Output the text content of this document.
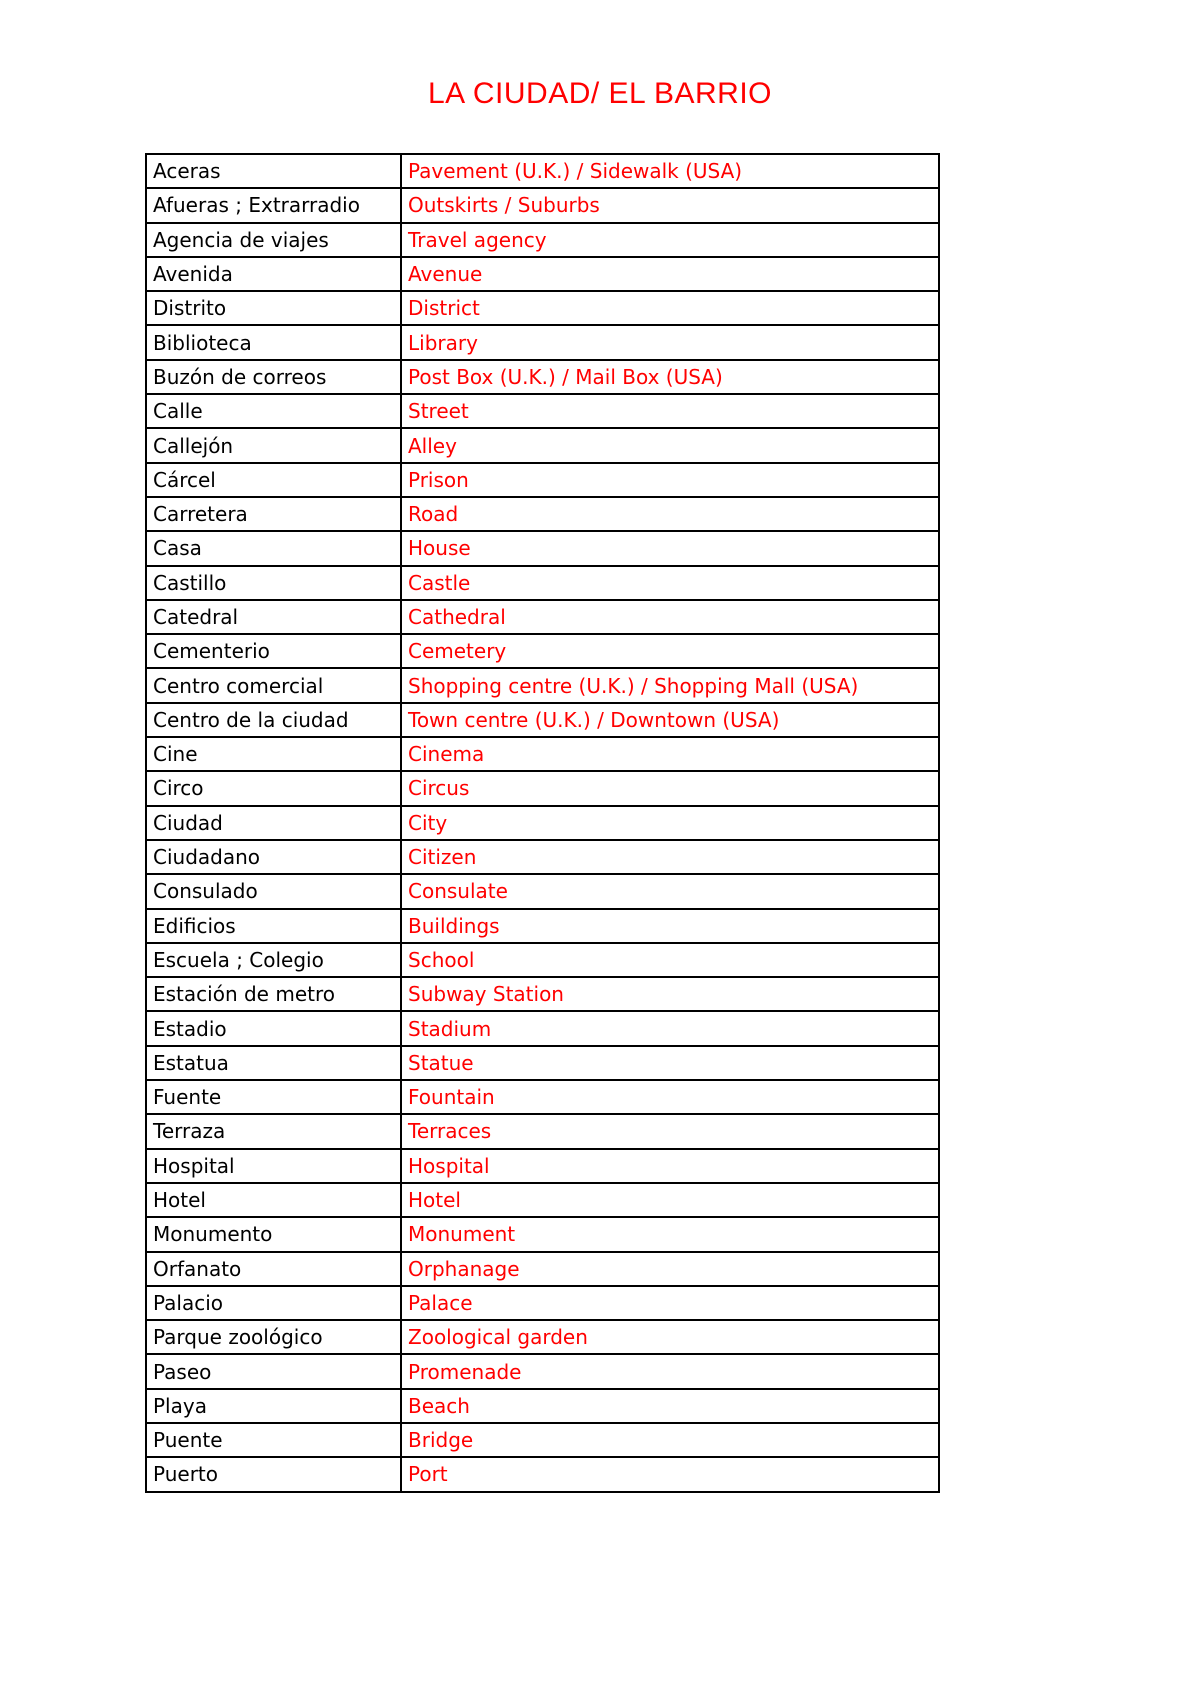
LA CIUDAD/ EL BARRIO
Aceras	Pavement (U.K.) / Sidewalk (USA)
Afueras ; Extrarradio	Outskirts / Suburbs
Agencia de viajes	Travel agency
Avenida	Avenue
Distrito	District
Biblioteca	Library
Buzón de correos	Post Box (U.K.) / Mail Box (USA)
Calle	Street
Callejón	Alley
Cárcel	Prison
Carretera	Road
Casa	House
Castillo	Castle
Catedral	Cathedral
Cementerio	Cemetery
Centro comercial	Shopping centre (U.K.) / Shopping Mall (USA)
Centro de la ciudad	Town centre (U.K.) / Downtown (USA)
Cine	Cinema
Circo	Circus
Ciudad	City
Ciudadano	Citizen
Consulado	Consulate
Edificios	Buildings
Escuela ; Colegio	School
Estación de metro	Subway Station
Estadio	Stadium
Estatua	Statue
Fuente	Fountain
Terraza	Terraces
Hospital	Hospital
Hotel	Hotel
Monumento	Monument
Orfanato	Orphanage
Palacio	Palace
Parque zoológico	Zoological garden
Paseo	Promenade
Playa	Beach
Puente	Bridge
Puerto	Port
